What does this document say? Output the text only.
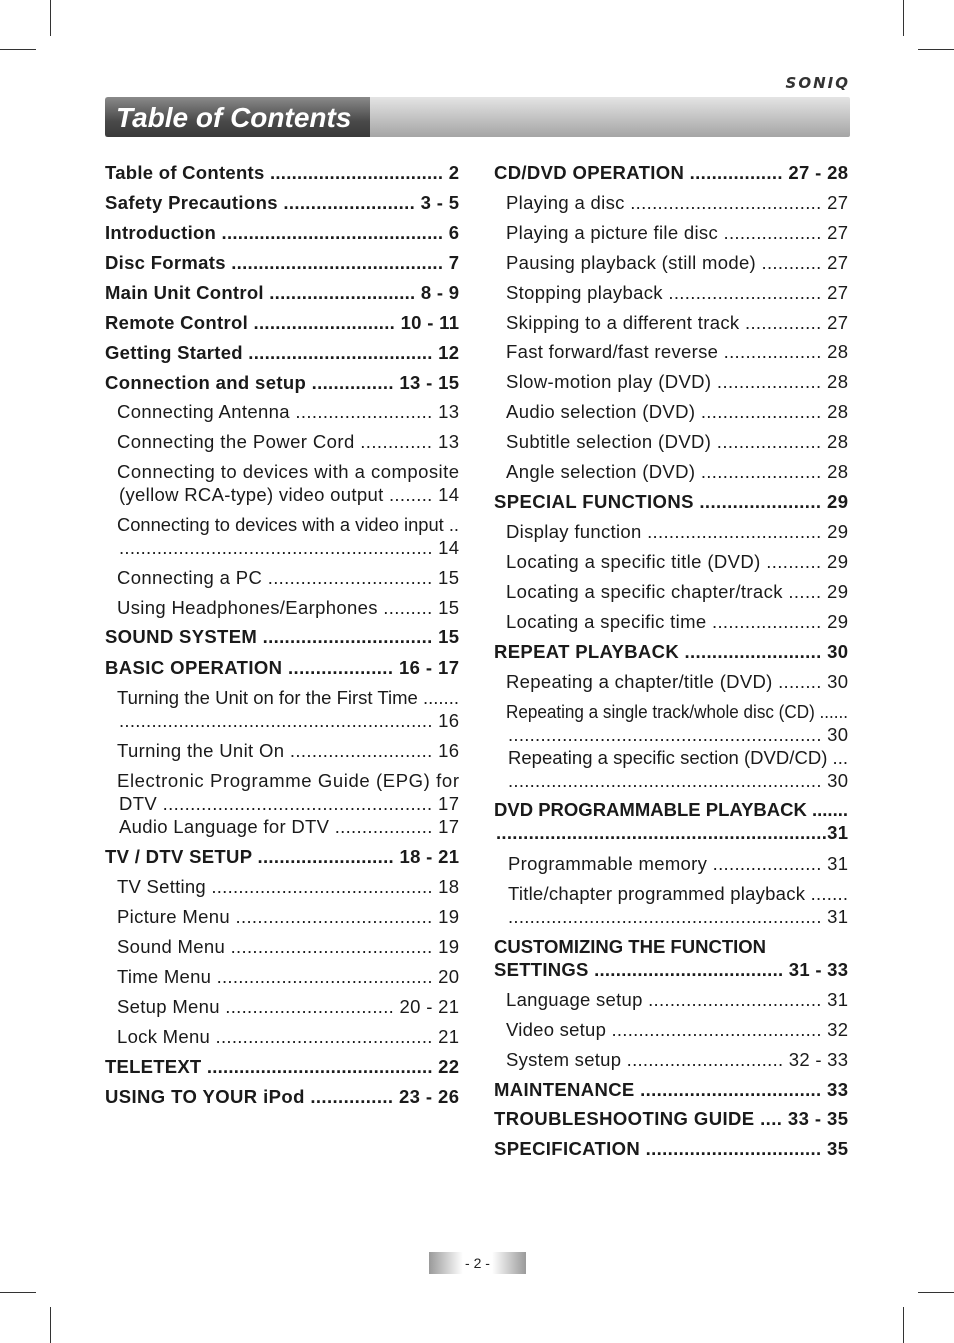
SONIQ
Table of Contents
Table of Contents ................................ 2
Safety Precautions ........................ 3 - 5
Introduction ......................................... 6
Disc Formats ....................................... 7
Main Unit Control ........................... 8 - 9
Remote Control .......................... 10 - 11
Getting Started .................................. 12
Connection and setup ............... 13 - 15
Connecting Antenna ......................... 13
Connecting the Power Cord ............. 13
Connecting to devices with a composite
(yellow RCA-type) video output ........ 14
Connecting to devices with a video input ..
.......................................................... 14
Connecting a PC .............................. 15
Using Headphones/Earphones ......... 15
SOUND SYSTEM ............................... 15
BASIC OPERATION ................... 16 - 17
Turning the Unit on for the First Time .......
.......................................................... 16
Turning the Unit On .......................... 16
Electronic Programme Guide (EPG) for
DTV ................................................. 17
Audio Language for DTV .................. 17
TV / DTV SETUP ......................... 18 - 21
TV Setting ......................................... 18
Picture Menu .................................... 19
Sound Menu ..................................... 19
Time Menu ........................................ 20
Setup Menu ............................... 20 - 21
Lock Menu ........................................ 21
TELETEXT .......................................... 22
USING TO YOUR iPod ............... 23 - 26
CD/DVD OPERATION ................. 27 - 28
Playing a disc ................................... 27
Playing a picture file disc .................. 27
Pausing playback (still mode) ........... 27
Stopping playback ............................ 27
Skipping to a different track .............. 27
Fast forward/fast reverse .................. 28
Slow-motion play (DVD) ................... 28
Audio selection (DVD) ...................... 28
Subtitle selection (DVD) ................... 28
Angle selection (DVD) ...................... 28
SPECIAL FUNCTIONS ...................... 29
Display function ................................ 29
Locating a specific title (DVD) .......... 29
Locating a specific chapter/track ...... 29
Locating a specific time .................... 29
REPEAT PLAYBACK ......................... 30
Repeating a chapter/title (DVD) ........ 30
Repeating a single track/whole disc (CD) ......
.......................................................... 30
Repeating a specific section (DVD/CD) ...
.......................................................... 30
DVD PROGRAMMABLE PLAYBACK .......
.............................................................31
Programmable memory .................... 31
Title/chapter programmed playback .......
.......................................................... 31
CUSTOMIZING THE FUNCTION
SETTINGS ................................... 31 - 33
Language setup ................................ 31
Video setup ....................................... 32
System setup ............................. 32 - 33
MAINTENANCE ................................. 33
TROUBLESHOOTING GUIDE .... 33 - 35
SPECIFICATION ................................ 35
- 2 -
